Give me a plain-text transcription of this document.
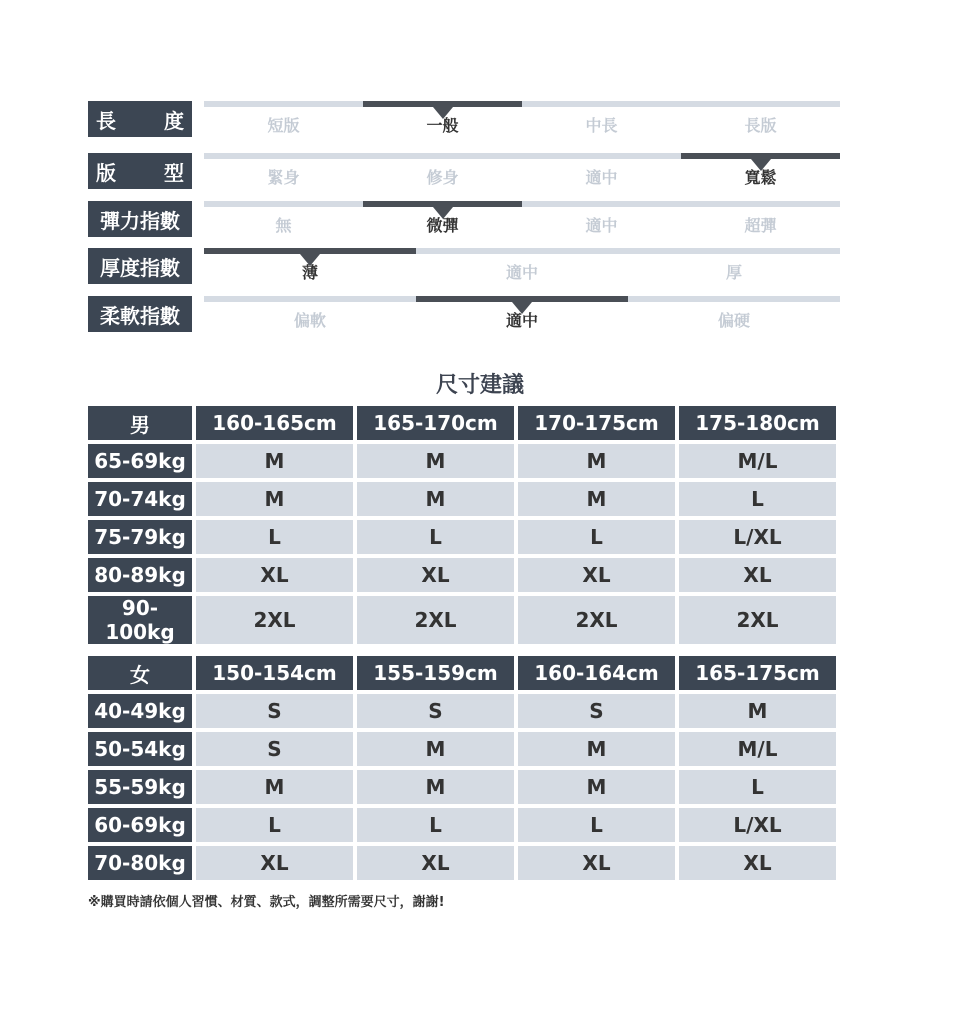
長 度	短版	一般	中長	長版
版 型	緊身	修身	適中	寬鬆
彈力指數	無	微彈	適中	超彈
厚度指數	薄	適中	厚
柔軟指數	偏軟	適中	偏硬
尺寸建議
男	160-165cm	165-170cm	170-175cm	175-180cm
65-69kg	M	M	M	M/L
70-74kg	M	M	M	L
75-79kg	L	L	L	L/XL
80-89kg	XL	XL	XL	XL
90-100kg	2XL	2XL	2XL	2XL
女	150-154cm	155-159cm	160-164cm	165-175cm
40-49kg	S	S	S	M
50-54kg	S	M	M	M/L
55-59kg	M	M	M	L
60-69kg	L	L	L	L/XL
70-80kg	XL	XL	XL	XL
※購買時請依個人習慣、材質、款式，調整所需要尺寸，謝謝!
